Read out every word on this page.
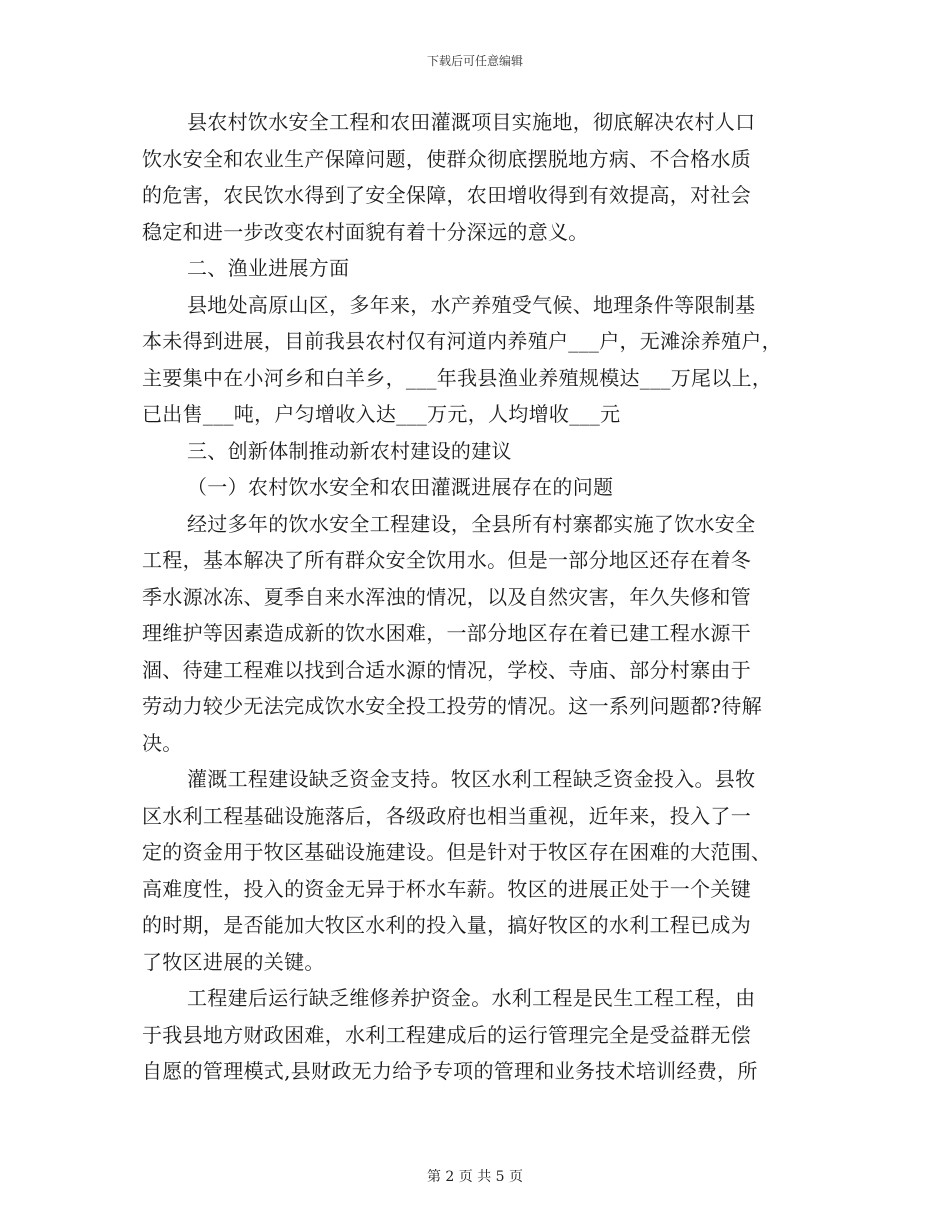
下载后可任意编辑
县农村饮水安全工程和农田灌溉项目实施地，彻底解决农村人口
饮水安全和农业生产保障问题，使群众彻底摆脱地方病、不合格水质
的危害，农民饮水得到了安全保障，农田增收得到有效提高，对社会
稳定和进一步改变农村面貌有着十分深远的意义。
二、渔业进展方面
县地处高原山区，多年来，水产养殖受气候、地理条件等限制基
本未得到进展，目前我县农村仅有河道内养殖户___户，无滩涂养殖户，
主要集中在小河乡和白羊乡，___年我县渔业养殖规模达___万尾以上，
已出售___吨，户匀增收入达___万元，人均增收___元
三、创新体制推动新农村建设的建议
（一）农村饮水安全和农田灌溉进展存在的问题
经过多年的饮水安全工程建设，全县所有村寨都实施了饮水安全
工程，基本解决了所有群众安全饮用水。但是一部分地区还存在着冬
季水源冰冻、夏季自来水浑浊的情况，以及自然灾害，年久失修和管
理维护等因素造成新的饮水困难，一部分地区存在着已建工程水源干
涸、待建工程难以找到合适水源的情况，学校、寺庙、部分村寨由于
劳动力较少无法完成饮水安全投工投劳的情况。这一系列问题都?待解
决。
灌溉工程建设缺乏资金支持。牧区水利工程缺乏资金投入。县牧
区水利工程基础设施落后，各级政府也相当重视，近年来，投入了一
定的资金用于牧区基础设施建设。但是针对于牧区存在困难的大范围、
高难度性，投入的资金无异于杯水车薪。牧区的进展正处于一个关键
的时期，是否能加大牧区水利的投入量，搞好牧区的水利工程已成为
了牧区进展的关键。
工程建后运行缺乏维修养护资金。水利工程是民生工程工程，由
于我县地方财政困难，水利工程建成后的运行管理完全是受益群无偿
自愿的管理模式,县财政无力给予专项的管理和业务技术培训经费，所
第 2 页 共 5 页
